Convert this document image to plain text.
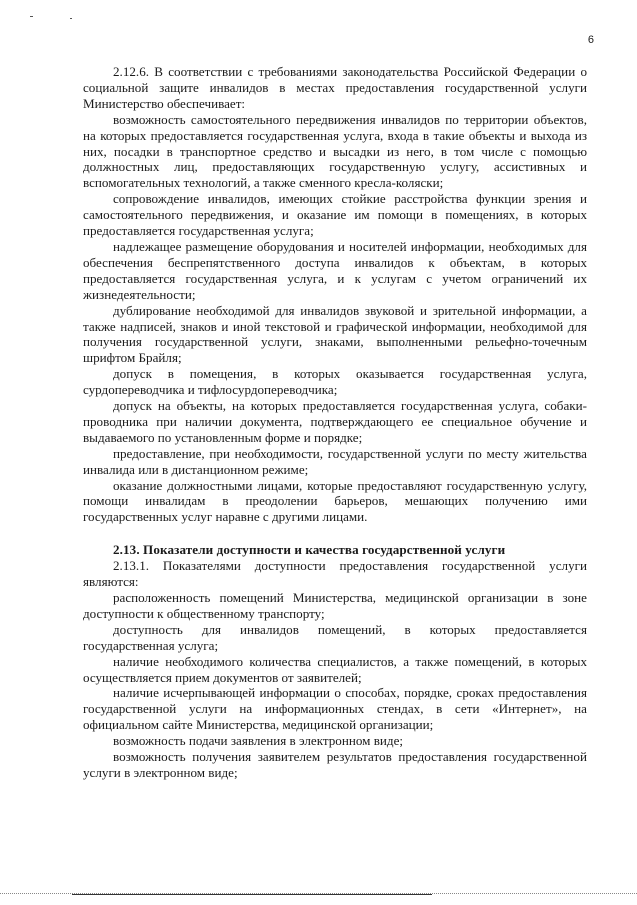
6

2.12.6. В соответствии с требованиями законодательства Российской Федерации о социальной защите инвалидов в местах предоставления государственной услуги Министерство обеспечивает:

возможность самостоятельного передвижения инвалидов по территории объектов, на которых предоставляется государственная услуга, входа в такие объекты и выхода из них, посадки в транспортное средство и высадки из него, в том числе с помощью должностных лиц, предоставляющих государственную услугу, ассистивных и вспомогательных технологий, а также сменного кресла-коляски;

сопровождение инвалидов, имеющих стойкие расстройства функции зрения и самостоятельного передвижения, и оказание им помощи в помещениях, в которых предоставляется государственная услуга;

надлежащее размещение оборудования и носителей информации, необходимых для обеспечения беспрепятственного доступа инвалидов к объектам, в которых предоставляется государственная услуга, и к услугам с учетом ограничений их жизнедеятельности;

дублирование необходимой для инвалидов звуковой и зрительной информации, а также надписей, знаков и иной текстовой и графической информации, необходимой для получения государственной услуги, знаками, выполненными рельефно-точечным шрифтом Брайля;

допуск в помещения, в которых оказывается государственная услуга, сурдопереводчика и тифлосурдопереводчика;

допуск на объекты, на которых предоставляется государственная услуга, собаки-проводника при наличии документа, подтверждающего ее специальное обучение и выдаваемого по установленным форме и порядке;

предоставление, при необходимости, государственной услуги по месту жительства инвалида или в дистанционном режиме;

оказание должностными лицами, которые предоставляют государственную услугу, помощи инвалидам в преодолении барьеров, мешающих получению ими государственных услуг наравне с другими лицами.

2.13. Показатели доступности и качества государственной услуги

2.13.1. Показателями доступности предоставления государственной услуги являются:

расположенность помещений Министерства, медицинской организации в зоне доступности к общественному транспорту;

доступность для инвалидов помещений, в которых предоставляется государственная услуга;

наличие необходимого количества специалистов, а также помещений, в которых осуществляется прием документов от заявителей;

наличие исчерпывающей информации о способах, порядке, сроках предоставления государственной услуги на информационных стендах, в сети «Интернет», на официальном сайте Министерства, медицинской организации;

возможность подачи заявления в электронном виде;

возможность получения заявителем результатов предоставления государственной услуги в электронном виде;
